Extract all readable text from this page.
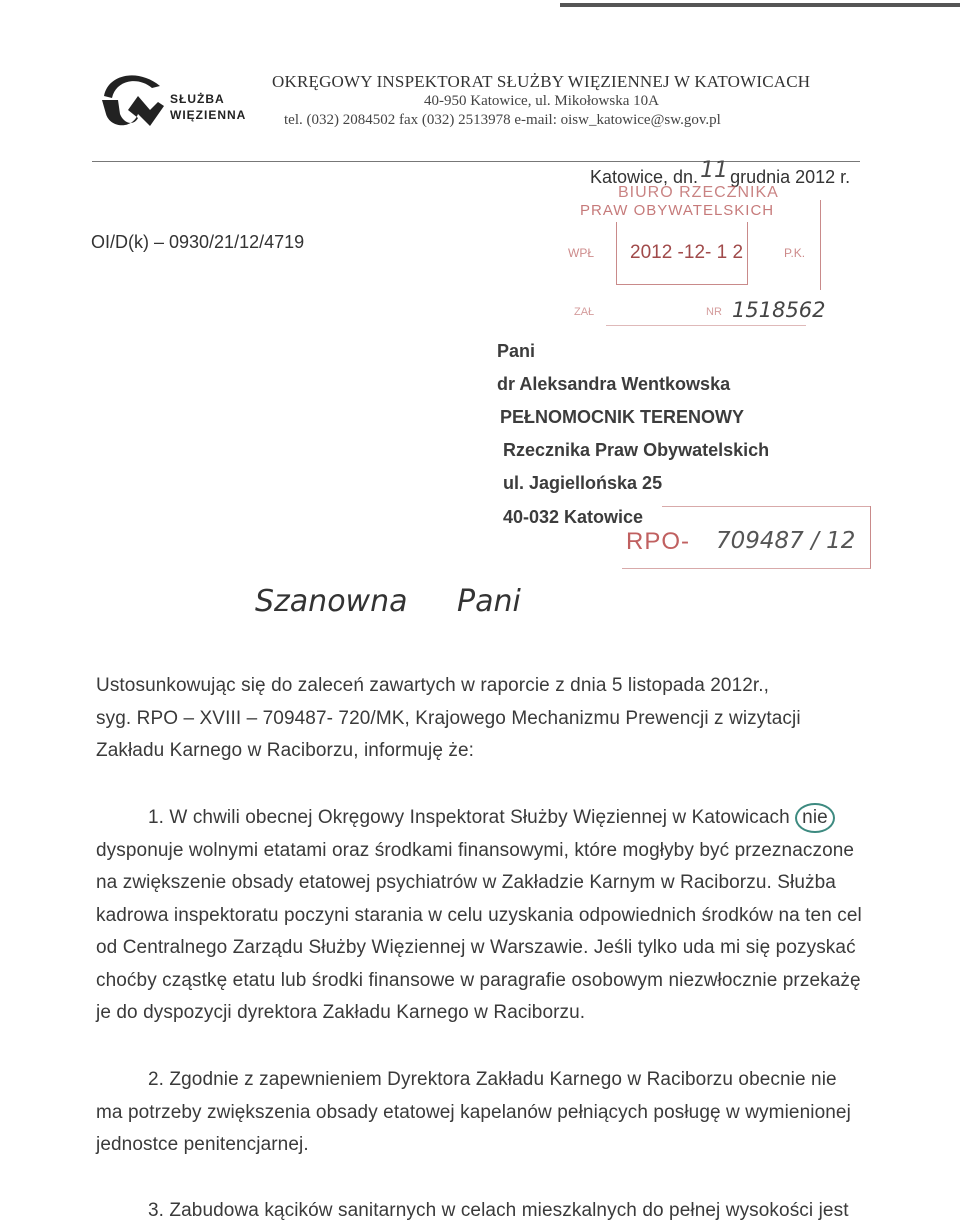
SŁUŻBA
WIĘZIENNA
OKRĘGOWY INSPEKTORAT SŁUŻBY WIĘZIENNEJ W KATOWICACH
40-950 Katowice, ul. Mikołowska 10A
tel. (032) 2084502 fax (032) 2513978 e-mail: oisw_katowice@sw.gov.pl
Katowice, dn.11 grudnia 2012 r.
BIURO RZECZNIKA
PRAW OBYWATELSKICH
WPŁ 2012 -12- 1 2	P.K.
ZAŁ	NR 1518562
OI/D(k) – 0930/21/12/4719
Pani
dr Aleksandra Wentkowska
PEŁNOMOCNIK TERENOWY
Rzecznika Praw Obywatelskich
ul. Jagiellońska 25
40-032 Katowice
RPO- 709487 / 12
Szanowna Pani
Ustosunkowując się do zaleceń zawartych w raporcie z dnia 5 listopada 2012r.,
syg. RPO – XVIII – 709487- 720/MK, Krajowego Mechanizmu Prewencji z wizytacji
Zakładu Karnego w Raciborzu, informuję że:
1. W chwili obecnej Okręgowy Inspektorat Służby Więziennej w Katowicach nie
dysponuje wolnymi etatami oraz środkami finansowymi, które mogłyby być przeznaczone
na zwiększenie obsady etatowej psychiatrów w Zakładzie Karnym w Raciborzu. Służba
kadrowa inspektoratu poczyni starania w celu uzyskania odpowiednich środków na ten cel
od Centralnego Zarządu Służby Więziennej w Warszawie. Jeśli tylko uda mi się pozyskać
choćby cząstkę etatu lub środki finansowe w paragrafie osobowym niezwłocznie przekażę
je do dyspozycji dyrektora Zakładu Karnego w Raciborzu.
2. Zgodnie z zapewnieniem Dyrektora Zakładu Karnego w Raciborzu obecnie nie
ma potrzeby zwiększenia obsady etatowej kapelanów pełniących posługę w wymienionej
jednostce penitencjarnej.
3. Zabudowa kącików sanitarnych w celach mieszkalnych do pełnej wysokości jest
